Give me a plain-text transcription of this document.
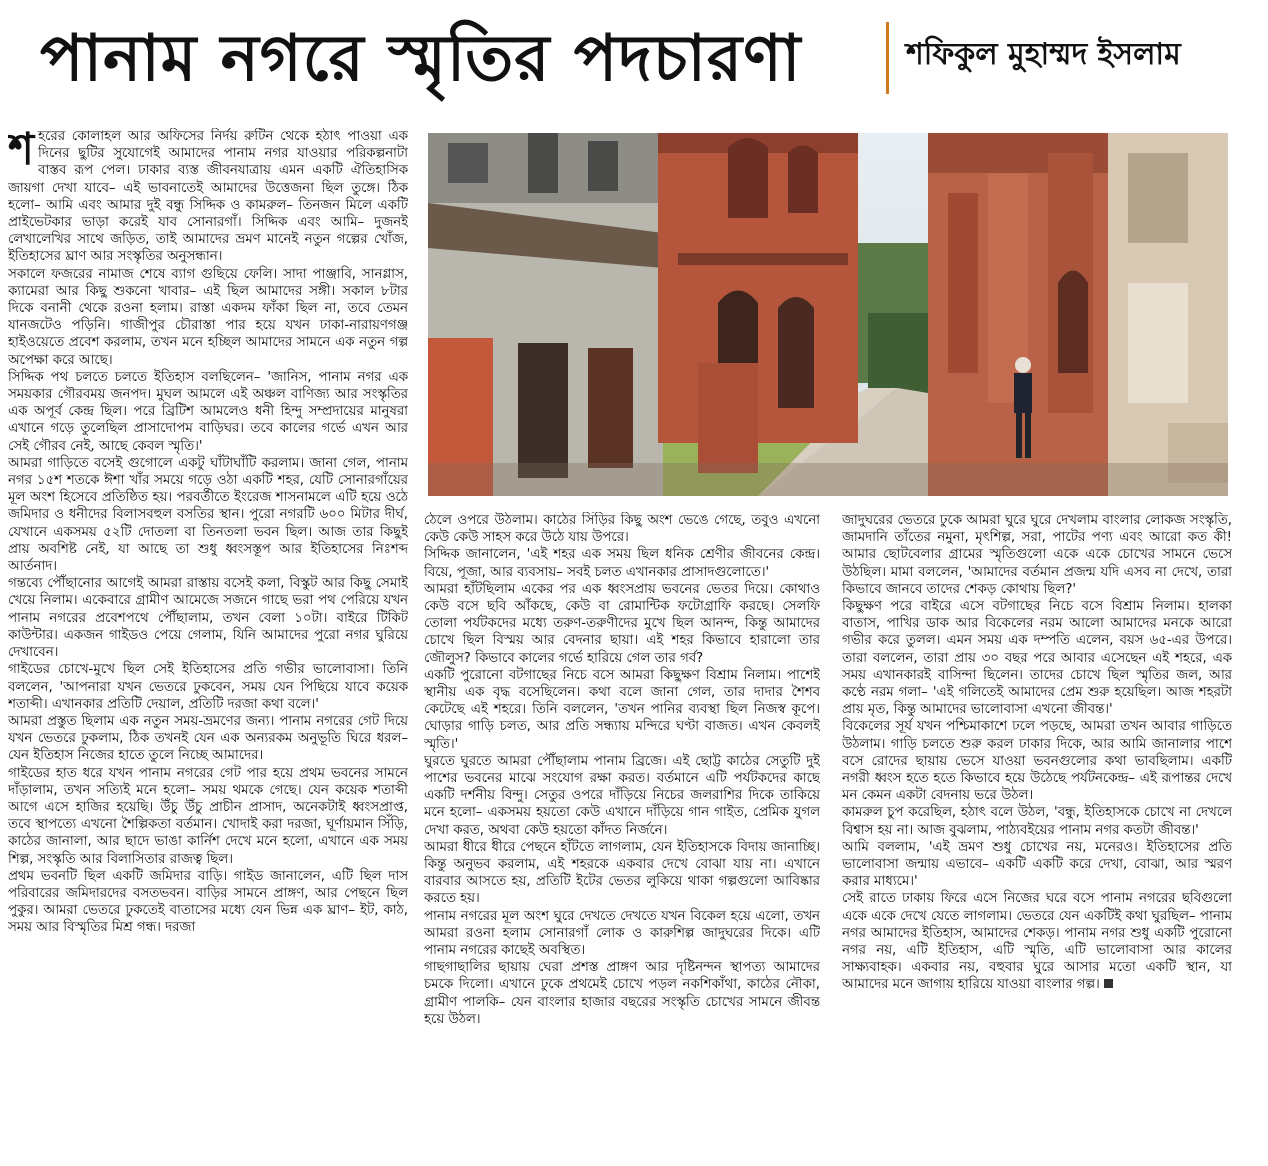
পানাম নগরে স্মৃতির পদচারণা	শফিকুল মুহাম্মদ ইসলাম

শহরের কোলাহল আর অফিসের নির্দয় রুটিন থেকে হঠাৎ পাওয়া এক দিনের ছুটির সুযোগেই আমাদের পানাম নগর যাওয়ার পরিকল্পনাটা বাস্তব রূপ পেল। ঢাকার ব্যস্ত জীবনযাত্রায় এমন একটি ঐতিহাসিক জায়গা দেখা যাবে– এই ভাবনাতেই আমাদের উত্তেজনা ছিল তুঙ্গে। ঠিক হলো– আমি এবং আমার দুই বন্ধু সিদ্দিক ও কামরুল– তিনজন মিলে একটি প্রাইভেটকার ভাড়া করেই যাব সোনারগাঁ। সিদ্দিক এবং আমি– দুজনই লেখালেখির সাথে জড়িত, তাই আমাদের ভ্রমণ মানেই নতুন গল্পের খোঁজ, ইতিহাসের ঘ্রাণ আর সংস্কৃতির অনুসন্ধান।

সকালে ফজরের নামাজ শেষে ব্যাগ গুছিয়ে ফেলি। সাদা পাঞ্জাবি, সানগ্লাস, ক্যামেরা আর কিছু শুকনো খাবার– এই ছিল আমাদের সঙ্গী। সকাল ৮টার দিকে বনানী থেকে রওনা হলাম। রাস্তা একদম ফাঁকা ছিল না, তবে তেমন যানজটেও পড়িনি। গাজীপুর চৌরাস্তা পার হয়ে যখন ঢাকা-নারায়ণগঞ্জ হাইওয়েতে প্রবেশ করলাম, তখন মনে হচ্ছিল আমাদের সামনে এক নতুন গল্প অপেক্ষা করে আছে।

সিদ্দিক পথ চলতে চলতে ইতিহাস বলছিলেন– 'জানিস, পানাম নগর এক সময়কার গৌরবময় জনপদ। মুঘল আমলে এই অঞ্চল বাণিজ্য আর সংস্কৃতির এক অপূর্ব কেন্দ্র ছিল। পরে ব্রিটিশ আমলেও ধনী হিন্দু সম্প্রদায়ের মানুষরা এখানে গড়ে তুলেছিল প্রাসাদোপম বাড়িঘর। তবে কালের গর্ভে এখন আর সেই গৌরব নেই, আছে কেবল স্মৃতি।'

আমরা গাড়িতে বসেই গুগোলে একটু ঘাঁটাঘাঁটি করলাম। জানা গেল, পানাম নগর ১৫শ শতকে ঈশা খাঁর সময়ে গড়ে ওঠা একটি শহর, যেটি সোনারগাঁয়ের মূল অংশ হিসেবে প্রতিষ্ঠিত হয়। পরবর্তীতে ইংরেজ শাসনামলে এটি হয়ে ওঠে জমিদার ও ধনীদের বিলাসবহুল বসতির স্থান। পুরো নগরটি ৬০০ মিটার দীর্ঘ, যেখানে একসময় ৫২টি দোতলা বা তিনতলা ভবন ছিল। আজ তার কিছুই প্রায় অবশিষ্ট নেই, যা আছে তা শুধু ধ্বংসস্তূপ আর ইতিহাসের নিঃশব্দ আর্তনাদ।

গন্তব্যে পৌঁছানোর আগেই আমরা রাস্তায় বসেই কলা, বিস্কুট আর কিছু সেমাই খেয়ে নিলাম। একেবারে গ্রামীণ আমেজে সজনে গাছে ভরা পথ পেরিয়ে যখন পানাম নগরের প্রবেশপথে পৌঁছালাম, তখন বেলা ১০টা। বাইরে টিকিট কাউন্টার। একজন গাইডও পেয়ে গেলাম, যিনি আমাদের পুরো নগর ঘুরিয়ে দেখাবেন।

গাইডের চোখে-মুখে ছিল সেই ইতিহাসের প্রতি গভীর ভালোবাসা। তিনি বললেন, 'আপনারা যখন ভেতরে ঢুকবেন, সময় যেন পিছিয়ে যাবে কয়েক শতাব্দী। এখানকার প্রতিটি দেয়াল, প্রতিটি দরজা কথা বলে।'

আমরা প্রস্তুত ছিলাম এক নতুন সময়-ভ্রমণের জন্য। পানাম নগরের গেট দিয়ে যখন ভেতরে ঢুকলাম, ঠিক তখনই যেন এক অন্যরকম অনুভূতি ঘিরে ধরল– যেন ইতিহাস নিজের হাতে তুলে নিচ্ছে আমাদের।

গাইডের হাত ধরে যখন পানাম নগরের গেট পার হয়ে প্রথম ভবনের সামনে দাঁড়ালাম, তখন সত্যিই মনে হলো– সময় থমকে গেছে। যেন কয়েক শতাব্দী আগে এসে হাজির হয়েছি। উঁচু উঁচু প্রাচীন প্রাসাদ, অনেকটাই ধ্বংসপ্রাপ্ত, তবে স্থাপত্যে এখনো শৈল্পিকতা বর্তমান। খোদাই করা দরজা, ঘূর্ণায়মান সিঁড়ি, কাঠের জানালা, আর ছাদে ভাঙা কার্নিশ দেখে মনে হলো, এখানে এক সময় শিল্প, সংস্কৃতি আর বিলাসিতার রাজত্ব ছিল।

প্রথম ভবনটি ছিল একটি জমিদার বাড়ি। গাইড জানালেন, এটি ছিল দাস পরিবারের জমিদারদের বসতভবন। বাড়ির সামনে প্রাঙ্গণ, আর পেছনে ছিল পুকুর। আমরা ভেতরে ঢুকতেই বাতাসের মধ্যে যেন ভিন্ন এক ঘ্রাণ– ইট, কাঠ, সময় আর বিস্মৃতির মিশ্র গন্ধ। দরজা

ঠেলে ওপরে উঠলাম। কাঠের সিঁড়ির কিছু অংশ ভেঙে গেছে, তবুও এখনো কেউ কেউ সাহস করে উঠে যায় উপরে।

সিদ্দিক জানালেন, 'এই শহর এক সময় ছিল ধনিক শ্রেণীর জীবনের কেন্দ্র। বিয়ে, পূজা, আর ব্যবসায়– সবই চলত এখানকার প্রাসাদগুলোতে।'

আমরা হাঁটছিলাম একের পর এক ধ্বংসপ্রায় ভবনের ভেতর দিয়ে। কোথাও কেউ বসে ছবি আঁকছে, কেউ বা রোমান্টিক ফটোগ্রাফি করছে। সেলফি তোলা পর্যটকদের মধ্যে তরুণ-তরুণীদের মুখে ছিল আনন্দ, কিন্তু আমাদের চোখে ছিল বিস্ময় আর বেদনার ছায়া। এই শহর কিভাবে হারালো তার জৌলুস? কিভাবে কালের গর্ভে হারিয়ে গেল তার গর্ব?

একটি পুরোনো বটগাছের নিচে বসে আমরা কিছুক্ষণ বিশ্রাম নিলাম। পাশেই স্থানীয় এক বৃদ্ধ বসেছিলেন। কথা বলে জানা গেল, তার দাদার শৈশব কেটেছে এই শহরে। তিনি বললেন, 'তখন পানির ব্যবস্থা ছিল নিজস্ব কূপে। ঘোড়ার গাড়ি চলত, আর প্রতি সন্ধ্যায় মন্দিরে ঘণ্টা বাজত। এখন কেবলই স্মৃতি।'

ঘুরতে ঘুরতে আমরা পৌঁছালাম পানাম ব্রিজে। এই ছোট্ট কাঠের সেতুটি দুই পাশের ভবনের মাঝে সংযোগ রক্ষা করত। বর্তমানে এটি পর্যটকদের কাছে একটি দর্শনীয় বিন্দু। সেতুর ওপরে দাঁড়িয়ে নিচের জলরাশির দিকে তাকিয়ে মনে হলো– একসময় হয়তো কেউ এখানে দাঁড়িয়ে গান গাইত, প্রেমিক যুগল দেখা করত, অথবা কেউ হয়তো কাঁদত নির্জনে।

আমরা ধীরে ধীরে পেছনে হাঁটতে লাগলাম, যেন ইতিহাসকে বিদায় জানাচ্ছি। কিন্তু অনুভব করলাম, এই শহরকে একবার দেখে বোঝা যায় না। এখানে বারবার আসতে হয়, প্রতিটি ইটের ভেতর লুকিয়ে থাকা গল্পগুলো আবিষ্কার করতে হয়।

পানাম নগরের মূল অংশ ঘুরে দেখতে দেখতে যখন বিকেল হয়ে এলো, তখন আমরা রওনা হলাম সোনারগাঁ লোক ও কারুশিল্প জাদুঘরের দিকে। এটি পানাম নগরের কাছেই অবস্থিত।

গাছগাছালির ছায়ায় ঘেরা প্রশস্ত প্রাঙ্গণ আর দৃষ্টিনন্দন স্থাপত্য আমাদের চমকে দিলো। এখানে ঢুকে প্রথমেই চোখে পড়ল নকশিকাঁথা, কাঠের নৌকা, গ্রামীণ পালকি– যেন বাংলার হাজার বছরের সংস্কৃতি চোখের সামনে জীবন্ত হয়ে উঠল।

জাদুঘরের ভেতরে ঢুকে আমরা ঘুরে ঘুরে দেখলাম বাংলার লোকজ সংস্কৃতি, জামদানি তাঁতের নমুনা, মৃৎশিল্প, সরা, পাটের পণ্য এবং আরো কত কী! আমার ছোটবেলার গ্রামের স্মৃতিগুলো একে একে চোখের সামনে ভেসে উঠছিল। মামা বললেন, 'আমাদের বর্তমান প্রজন্ম যদি এসব না দেখে, তারা কিভাবে জানবে তাদের শেকড় কোথায় ছিল?'

কিছুক্ষণ পরে বাইরে এসে বটগাছের নিচে বসে বিশ্রাম নিলাম। হালকা বাতাস, পাখির ডাক আর বিকেলের নরম আলো আমাদের মনকে আরো গভীর করে তুলল। এমন সময় এক দম্পতি এলেন, বয়স ৬৫-এর উপরে। তারা বললেন, তারা প্রায় ৩০ বছর পরে আবার এসেছেন এই শহরে, এক সময় এখানকারই বাসিন্দা ছিলেন। তাদের চোখে ছিল স্মৃতির জল, আর কণ্ঠে নরম গলা– 'এই গলিতেই আমাদের প্রেম শুরু হয়েছিল। আজ শহরটা প্রায় মৃত, কিন্তু আমাদের ভালোবাসা এখনো জীবন্ত।'

বিকেলের সূর্য যখন পশ্চিমাকাশে ঢলে পড়ছে, আমরা তখন আবার গাড়িতে উঠলাম। গাড়ি চলতে শুরু করল ঢাকার দিকে, আর আমি জানালার পাশে বসে রোদের ছায়ায় ভেসে যাওয়া ভবনগুলোর কথা ভাবছিলাম। একটি নগরী ধ্বংস হতে হতে কিভাবে হয়ে উঠেছে পর্যটনকেন্দ্র– এই রূপান্তর দেখে মন কেমন একটা বেদনায় ভরে উঠল।

কামরুল চুপ করেছিল, হঠাৎ বলে উঠল, 'বন্ধু, ইতিহাসকে চোখে না দেখলে বিশ্বাস হয় না। আজ বুঝলাম, পাঠ্যবইয়ের পানাম নগর কতটা জীবন্ত।'

আমি বললাম, 'এই ভ্রমণ শুধু চোখের নয়, মনেরও। ইতিহাসের প্রতি ভালোবাসা জন্মায় এভাবে– একটি একটি করে দেখা, বোঝা, আর স্মরণ করার মাধ্যমে।'

সেই রাতে ঢাকায় ফিরে এসে নিজের ঘরে বসে পানাম নগরের ছবিগুলো একে একে দেখে যেতে লাগলাম। ভেতরে যেন একটিই কথা ঘুরছিল– পানাম নগর আমাদের ইতিহাস, আমাদের শেকড়। পানাম নগর শুধু একটি পুরোনো নগর নয়, এটি ইতিহাস, এটি স্মৃতি, এটি ভালোবাসা আর কালের সাক্ষ্যবাহক। একবার নয়, বহুবার ঘুরে আসার মতো একটি স্থান, যা আমাদের মনে জাগায় হারিয়ে যাওয়া বাংলার গল্প।
